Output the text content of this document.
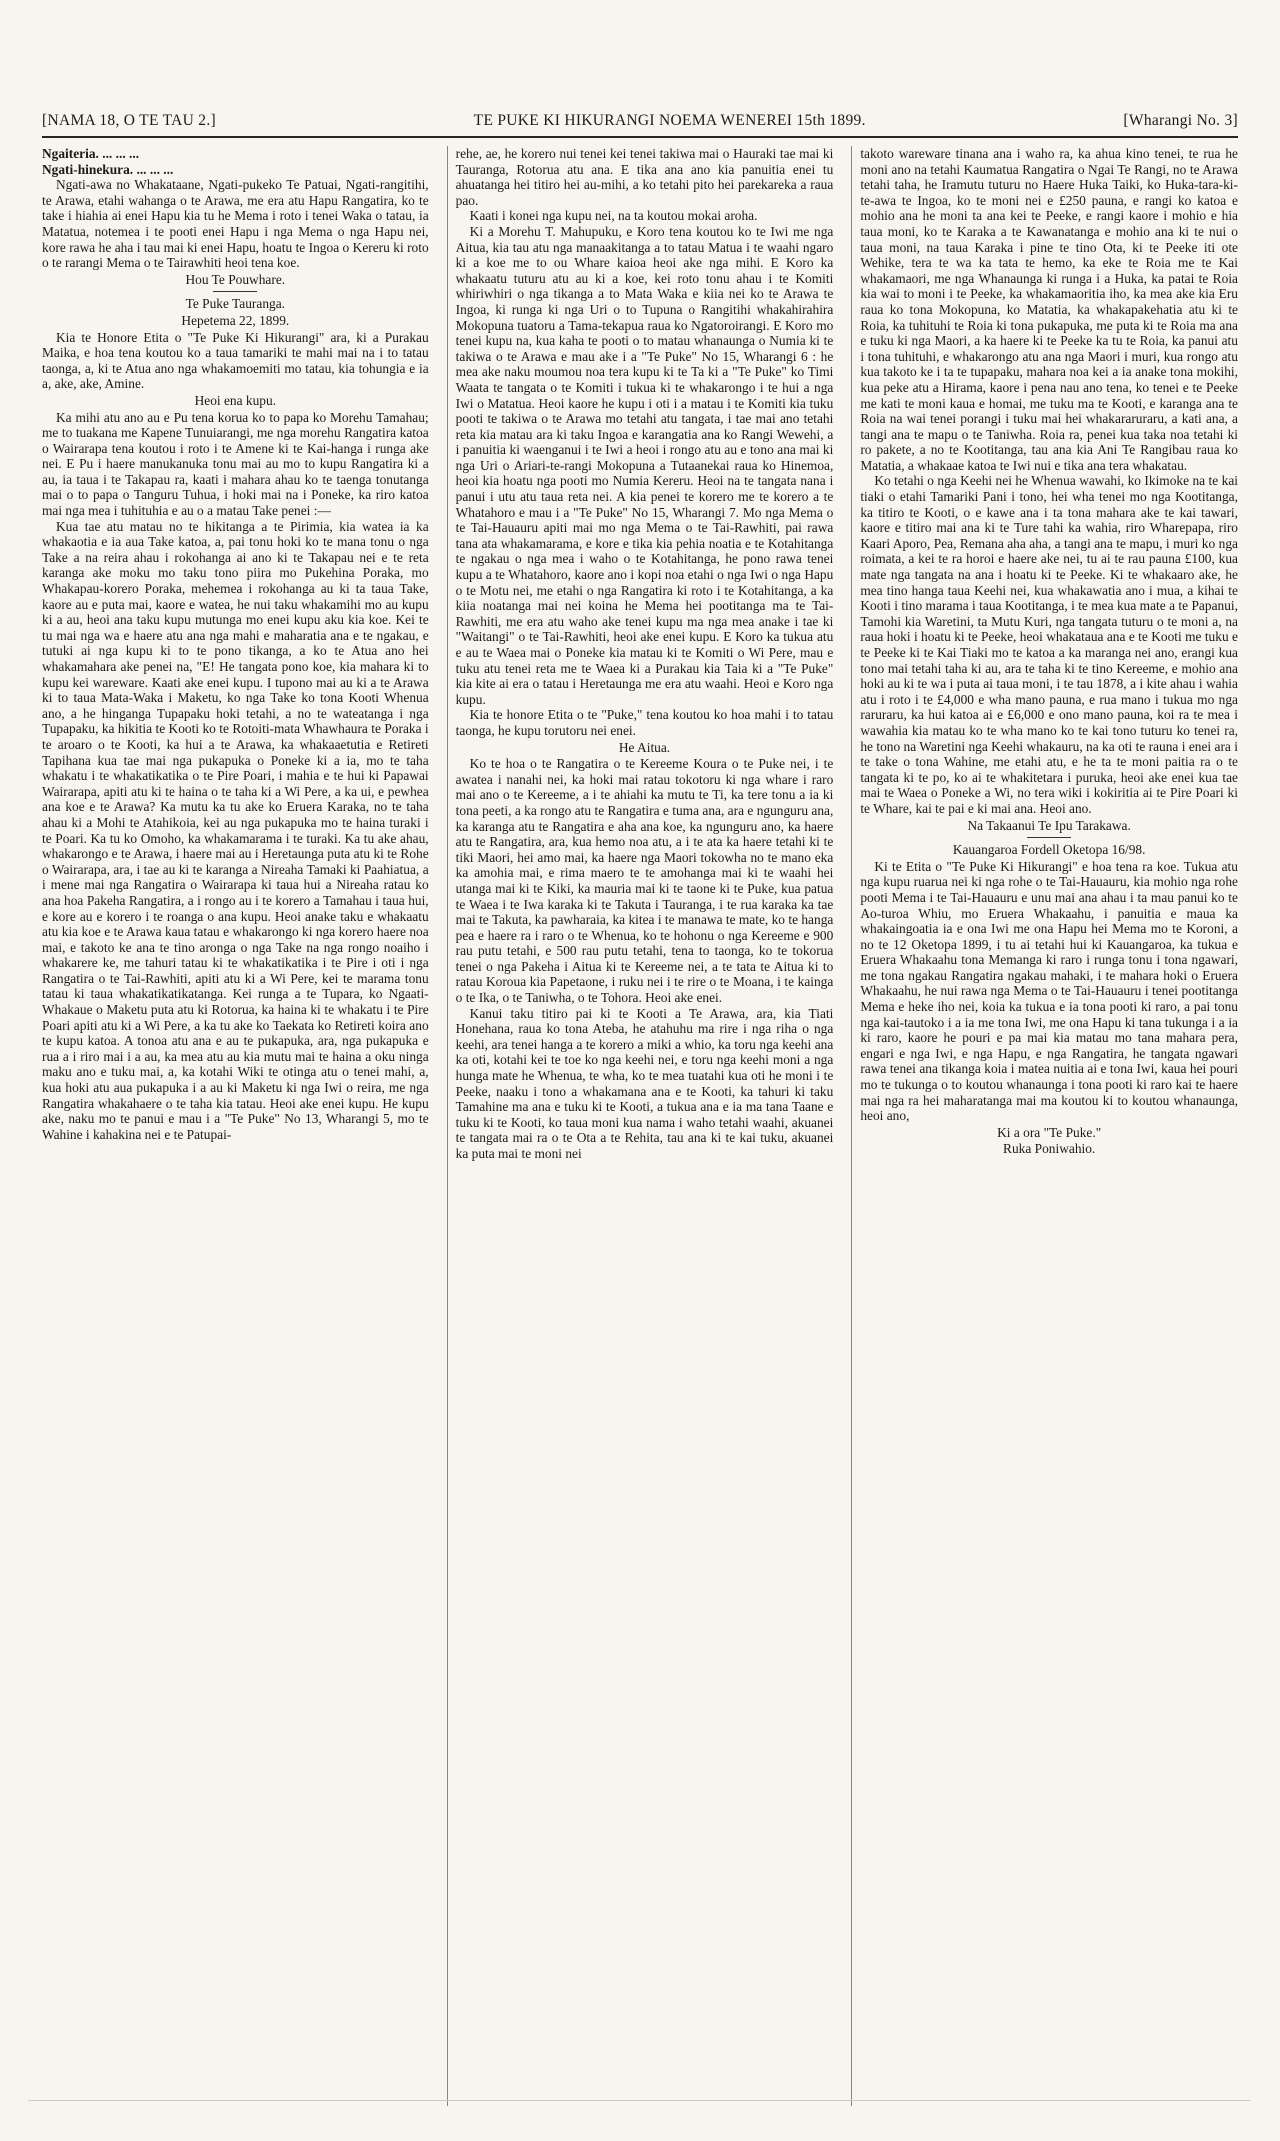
[NAMA 18, O TE TAU 2.]	TE PUKE KI HIKURANGI NOEMA WENEREI 15th 1899.	[Wharangi No. 3]

Ngaiteria. ... ... ...

Ngati-hinekura. ... ... ...

Ngati-awa no Whakataane, Ngati-pukeko Te Patuai, Ngati-rangitihi, te Arawa, etahi wahanga o te Arawa, me era atu Hapu Rangatira, ko te take i hiahia ai enei Hapu kia tu he Mema i roto i tenei Waka o tatau, ia Matatua, notemea i te pooti enei Hapu i nga Mema o nga Hapu nei, kore rawa he aha i tau mai ki enei Hapu, hoatu te Ingoa o Kereru ki roto o te rarangi Mema o te Tairawhiti heoi tena koe.

Hou Te Pouwhare.

Te Puke Tauranga.

Hepetema 22, 1899.

Kia te Honore Etita o "Te Puke Ki Hikurangi" ara, ki a Purakau Maika, e hoa tena koutou ko a taua tamariki te mahi mai na i to tatau taonga, a, ki te Atua ano nga whakamoemiti mo tatau, kia tohungia e ia a, ake, ake, Amine.

Heoi ena kupu.

Ka mihi atu ano au e Pu tena korua ko to papa ko Morehu Tamahau; me to tuakana me Kapene Tunuiarangi, me nga morehu Rangatira katoa o Wairarapa tena koutou i roto i te Amene ki te Kai-hanga i runga ake nei. E Pu i haere manukanuka tonu mai au mo to kupu Rangatira ki a au, ia taua i te Takapau ra, kaati i mahara ahau ko te taenga tonutanga mai o to papa o Tanguru Tuhua, i hoki mai na i Poneke, ka riro katoa mai nga mea i tuhituhia e au o a matau Take penei :—

Kua tae atu matau no te hikitanga a te Pirimia, kia watea ia ka whakaotia e ia aua Take katoa, a, pai tonu hoki ko te mana tonu o nga Take a na reira ahau i rokohanga ai ano ki te Takapau nei e te reta karanga ake moku mo taku tono piira mo Pukehina Poraka, mo Whakapau-korero Poraka, mehemea i rokohanga au ki ta taua Take, kaore au e puta mai, kaore e watea, he nui taku whakamihi mo au kupu ki a au, heoi ana taku kupu mutunga mo enei kupu aku kia koe. Kei te tu mai nga wa e haere atu ana nga mahi e maharatia ana e te ngakau, e tutuki ai nga kupu ki to te pono tikanga, a ko te Atua ano hei whakamahara ake penei na, "E! He tangata pono koe, kia mahara ki to kupu kei wareware. Kaati ake enei kupu. I tupono mai au ki a te Arawa ki to taua Mata-Waka i Maketu, ko nga Take ko tona Kooti Whenua ano, a he hinganga Tupapaku hoki tetahi, a no te wateatanga i nga Tupapaku, ka hikitia te Kooti ko te Rotoiti-mata Whawhaura te Poraka i te aroaro o te Kooti, ka hui a te Arawa, ka whakaaetutia e Retireti Tapihana kua tae mai nga pukapuka o Poneke ki a ia, mo te taha whakatu i te whakatikatika o te Pire Poari, i mahia e te hui ki Papawai Wairarapa, apiti atu ki te haina o te taha ki a Wi Pere, a ka ui, e pewhea ana koe e te Arawa? Ka mutu ka tu ake ko Eruera Karaka, no te taha ahau ki a Mohi te Atahikoia, kei au nga pukapuka mo te haina turaki i te Poari. Ka tu ko Omoho, ka whakamarama i te turaki. Ka tu ake ahau, whakarongo e te Arawa, i haere mai au i Heretaunga puta atu ki te Rohe o Wairarapa, ara, i tae au ki te karanga a Nireaha Tamaki ki Paahiatua, a i mene mai nga Rangatira o Wairarapa ki taua hui a Nireaha ratau ko ana hoa Pakeha Rangatira, a i rongo au i te korero a Tamahau i taua hui, e kore au e korero i te roanga o ana kupu. Heoi anake taku e whakaatu atu kia koe e te Arawa kaua tatau e whakarongo ki nga korero haere noa mai, e takoto ke ana te tino aronga o nga Take na nga rongo noaiho i whakarere ke, me tahuri tatau ki te whakatikatika i te Pire i oti i nga Rangatira o te Tai-Rawhiti, apiti atu ki a Wi Pere, kei te marama tonu tatau ki taua whakatikatikatanga. Kei runga a te Tupara, ko Ngaati-Whakaue o Maketu puta atu ki Rotorua, ka haina ki te whakatu i te Pire Poari apiti atu ki a Wi Pere, a ka tu ake ko Taekata ko Retireti koira ano te kupu katoa. A tonoa atu ana e au te pukapuka, ara, nga pukapuka e rua a i riro mai i a au, ka mea atu au kia mutu mai te haina a oku ninga maku ano e tuku mai, a, ka kotahi Wiki te otinga atu o tenei mahi, a, kua hoki atu aua pukapuka i a au ki Maketu ki nga Iwi o reira, me nga Rangatira whakahaere o te taha kia tatau. Heoi ake enei kupu. He kupu ake, naku mo te panui e mau i a "Te Puke" No 13, Wharangi 5, mo te Wahine i kahakina nei e te Patupai-

rehe, ae, he korero nui tenei kei tenei takiwa mai o Hauraki tae mai ki Tauranga, Rotorua atu ana. E tika ana ano kia panuitia enei tu ahuatanga hei titiro hei au-mihi, a ko tetahi pito hei parekareka a raua pao.

Kaati i konei nga kupu nei, na ta koutou mokai aroha.

Ki a Morehu T. Mahupuku, e Koro tena koutou ko te Iwi me nga Aitua, kia tau atu nga manaakitanga a to tatau Matua i te waahi ngaro ki a koe me to ou Whare kaioa heoi ake nga mihi. E Koro ka whakaatu tuturu atu au ki a koe, kei roto tonu ahau i te Komiti whiriwhiri o nga tikanga a to Mata Waka e kiia nei ko te Arawa te Ingoa, ki runga ki nga Uri o to Tupuna o Rangitihi whakahirahira Mokopuna tuatoru a Tama-tekapua raua ko Ngatoroirangi. E Koro mo tenei kupu na, kua kaha te pooti o to matau whanaunga o Numia ki te takiwa o te Arawa e mau ake i a "Te Puke" No 15, Wharangi 6 : he mea ake naku moumou noa tera kupu ki te Ta ki a "Te Puke" ko Timi Waata te tangata o te Komiti i tukua ki te whakarongo i te hui a nga Iwi o Matatua. Heoi kaore he kupu i oti i a matau i te Komiti kia tuku pooti te takiwa o te Arawa mo tetahi atu tangata, i tae mai ano tetahi reta kia matau ara ki taku Ingoa e karangatia ana ko Rangi Wewehi, a i panuitia ki waenganui i te Iwi a heoi i rongo atu au e tono ana mai ki nga Uri o Ariari-te-rangi Mokopuna a Tutaanekai raua ko Hinemoa, heoi kia hoatu nga pooti mo Numia Kereru. Heoi na te tangata nana i panui i utu atu taua reta nei. A kia penei te korero me te korero a te Whatahoro e mau i a "Te Puke" No 15, Wharangi 7. Mo nga Mema o te Tai-Hauauru apiti mai mo nga Mema o te Tai-Rawhiti, pai rawa tana ata whakamarama, e kore e tika kia pehia noatia e te Kotahitanga te ngakau o nga mea i waho o te Kotahitanga, he pono rawa tenei kupu a te Whatahoro, kaore ano i kopi noa etahi o nga Iwi o nga Hapu o te Motu nei, me etahi o nga Rangatira ki roto i te Kotahitanga, a ka kiia noatanga mai nei koina he Mema hei pootitanga ma te Tai-Rawhiti, me era atu waho ake tenei kupu ma nga mea anake i tae ki "Waitangi" o te Tai-Rawhiti, heoi ake enei kupu. E Koro ka tukua atu e au te Waea mai o Poneke kia matau ki te Komiti o Wi Pere, mau e tuku atu tenei reta me te Waea ki a Purakau kia Taia ki a "Te Puke" kia kite ai era o tatau i Heretaunga me era atu waahi. Heoi e Koro nga kupu.

Kia te honore Etita o te "Puke," tena koutou ko hoa mahi i to tatau taonga, he kupu torutoru nei enei.

He Aitua.

Ko te hoa o te Rangatira o te Kereeme Koura o te Puke nei, i te awatea i nanahi nei, ka hoki mai ratau tokotoru ki nga whare i raro mai ano o te Kereeme, a i te ahiahi ka mutu te Ti, ka tere tonu a ia ki tona peeti, a ka rongo atu te Rangatira e tuma ana, ara e ngunguru ana, ka karanga atu te Rangatira e aha ana koe, ka ngunguru ano, ka haere atu te Rangatira, ara, kua hemo noa atu, a i te ata ka haere tetahi ki te tiki Maori, hei amo mai, ka haere nga Maori tokowha no te mano eka ka amohia mai, e rima maero te te amohanga mai ki te waahi hei utanga mai ki te Kiki, ka mauria mai ki te taone ki te Puke, kua patua te Waea i te Iwa karaka ki te Takuta i Tauranga, i te rua karaka ka tae mai te Takuta, ka pawharaia, ka kitea i te manawa te mate, ko te hanga pea e haere ra i raro o te Whenua, ko te hohonu o nga Kereeme e 900 rau putu tetahi, e 500 rau putu tetahi, tena to taonga, ko te tokorua tenei o nga Pakeha i Aitua ki te Kereeme nei, a te tata te Aitua ki to ratau Koroua kia Papetaone, i ruku nei i te rire o te Moana, i te kainga o te Ika, o te Taniwha, o te Tohora. Heoi ake enei.

Kanui taku titiro pai ki te Kooti a Te Arawa, ara, kia Tiati Honehana, raua ko tona Ateba, he atahuhu ma rire i nga riha o nga keehi, ara tenei hanga a te korero a miki a whio, ka toru nga keehi ana ka oti, kotahi kei te toe ko nga keehi nei, e toru nga keehi moni a nga hunga mate he Whenua, te wha, ko te mea tuatahi kua oti he moni i te Peeke, naaku i tono a whakamana ana e te Kooti, ka tahuri ki taku Tamahine ma ana e tuku ki te Kooti, a tukua ana e ia ma tana Taane e tuku ki te Kooti, ko taua moni kua nama i waho tetahi waahi, akuanei te tangata mai ra o te Ota a te Rehita, tau ana ki te kai tuku, akuanei ka puta mai te moni nei

takoto wareware tinana ana i waho ra, ka ahua kino tenei, te rua he moni ano na tetahi Kaumatua Rangatira o Ngai Te Rangi, no te Arawa tetahi taha, he Iramutu tuturu no Haere Huka Taiki, ko Huka-tara-ki-te-awa te Ingoa, ko te moni nei e £250 pauna, e rangi ko katoa e mohio ana he moni ta ana kei te Peeke, e rangi kaore i mohio e hia taua moni, ko te Karaka a te Kawanatanga e mohio ana ki te nui o taua moni, na taua Karaka i pine te tino Ota, ki te Peeke iti ote Wehike, tera te wa ka tata te hemo, ka eke te Roia me te Kai whakamaori, me nga Whanaunga ki runga i a Huka, ka patai te Roia kia wai to moni i te Peeke, ka whakamaoritia iho, ka mea ake kia Eru raua ko tona Mokopuna, ko Matatia, ka whakapakehatia atu ki te Roia, ka tuhituhi te Roia ki tona pukapuka, me puta ki te Roia ma ana e tuku ki nga Maori, a ka haere ki te Peeke ka tu te Roia, ka panui atu i tona tuhituhi, e whakarongo atu ana nga Maori i muri, kua rongo atu kua takoto ke i ta te tupapaku, mahara noa kei a ia anake tona mokihi, kua peke atu a Hirama, kaore i pena nau ano tena, ko tenei e te Peeke me kati te moni kaua e homai, me tuku ma te Kooti, e karanga ana te Roia na wai tenei porangi i tuku mai hei whakararuraru, a kati ana, a tangi ana te mapu o te Taniwha. Roia ra, penei kua taka noa tetahi ki ro pakete, a no te Kootitanga, tau ana kia Ani Te Rangibau raua ko Matatia, a whakaae katoa te Iwi nui e tika ana tera whakatau.

Ko tetahi o nga Keehi nei he Whenua wawahi, ko Ikimoke na te kai tiaki o etahi Tamariki Pani i tono, hei wha tenei mo nga Kootitanga, ka titiro te Kooti, o e kawe ana i ta tona mahara ake te kai tawari, kaore e titiro mai ana ki te Ture tahi ka wahia, riro Wharepapa, riro Kaari Aporo, Pea, Remana aha aha, a tangi ana te mapu, i muri ko nga roimata, a kei te ra horoi e haere ake nei, tu ai te rau pauna £100, kua mate nga tangata na ana i hoatu ki te Peeke. Ki te whakaaro ake, he mea tino hanga taua Keehi nei, kua whakawatia ano i mua, a kihai te Kooti i tino marama i taua Kootitanga, i te mea kua mate a te Papanui, Tamohi kia Waretini, ta Mutu Kuri, nga tangata tuturu o te moni a, na raua hoki i hoatu ki te Peeke, heoi whakataua ana e te Kooti me tuku e te Peeke ki te Kai Tiaki mo te katoa a ka maranga nei ano, erangi kua tono mai tetahi taha ki au, ara te taha ki te tino Kereeme, e mohio ana hoki au ki te wa i puta ai taua moni, i te tau 1878, a i kite ahau i wahia atu i roto i te £4,000 e wha mano pauna, e rua mano i tukua mo nga raruraru, ka hui katoa ai e £6,000 e ono mano pauna, koi ra te mea i wawahia kia matau ko te wha mano ko te kai tono tuturu ko tenei ra, he tono na Waretini nga Keehi whakauru, na ka oti te rauna i enei ara i te take o tona Wahine, me etahi atu, e he ta te moni paitia ra o te tangata ki te po, ko ai te whakitetara i puruka, heoi ake enei kua tae mai te Waea o Poneke a Wi, no tera wiki i kokiritia ai te Pire Poari ki te Whare, kai te pai e ki mai ana. Heoi ano.

Na Takaanui Te Ipu Tarakawa.

Kauangaroa Fordell Oketopa 16/98.

Ki te Etita o "Te Puke Ki Hikurangi" e hoa tena ra koe. Tukua atu nga kupu ruarua nei ki nga rohe o te Tai-Hauauru, kia mohio nga rohe pooti Mema i te Tai-Hauauru e unu mai ana ahau i ta mau panui ko te Ao-turoa Whiu, mo Eruera Whakaahu, i panuitia e maua ka whakaingoatia ia e ona Iwi me ona Hapu hei Mema mo te Koroni, a no te 12 Oketopa 1899, i tu ai tetahi hui ki Kauangaroa, ka tukua e Eruera Whakaahu tona Memanga ki raro i runga tonu i tona ngawari, me tona ngakau Rangatira ngakau mahaki, i te mahara hoki o Eruera Whakaahu, he nui rawa nga Mema o te Tai-Hauauru i tenei pootitanga Mema e heke iho nei, koia ka tukua e ia tona pooti ki raro, a pai tonu nga kai-tautoko i a ia me tona Iwi, me ona Hapu ki tana tukunga i a ia ki raro, kaore he pouri e pa mai kia matau mo tana mahara pera, engari e nga Iwi, e nga Hapu, e nga Rangatira, he tangata ngawari rawa tenei ana tikanga koia i matea nuitia ai e tona Iwi, kaua hei pouri mo te tukunga o to koutou whanaunga i tona pooti ki raro kai te haere mai nga ra hei maharatanga mai ma koutou ki to koutou whanaunga, heoi ano,

Ki a ora "Te Puke."

Ruka Poniwahio.
